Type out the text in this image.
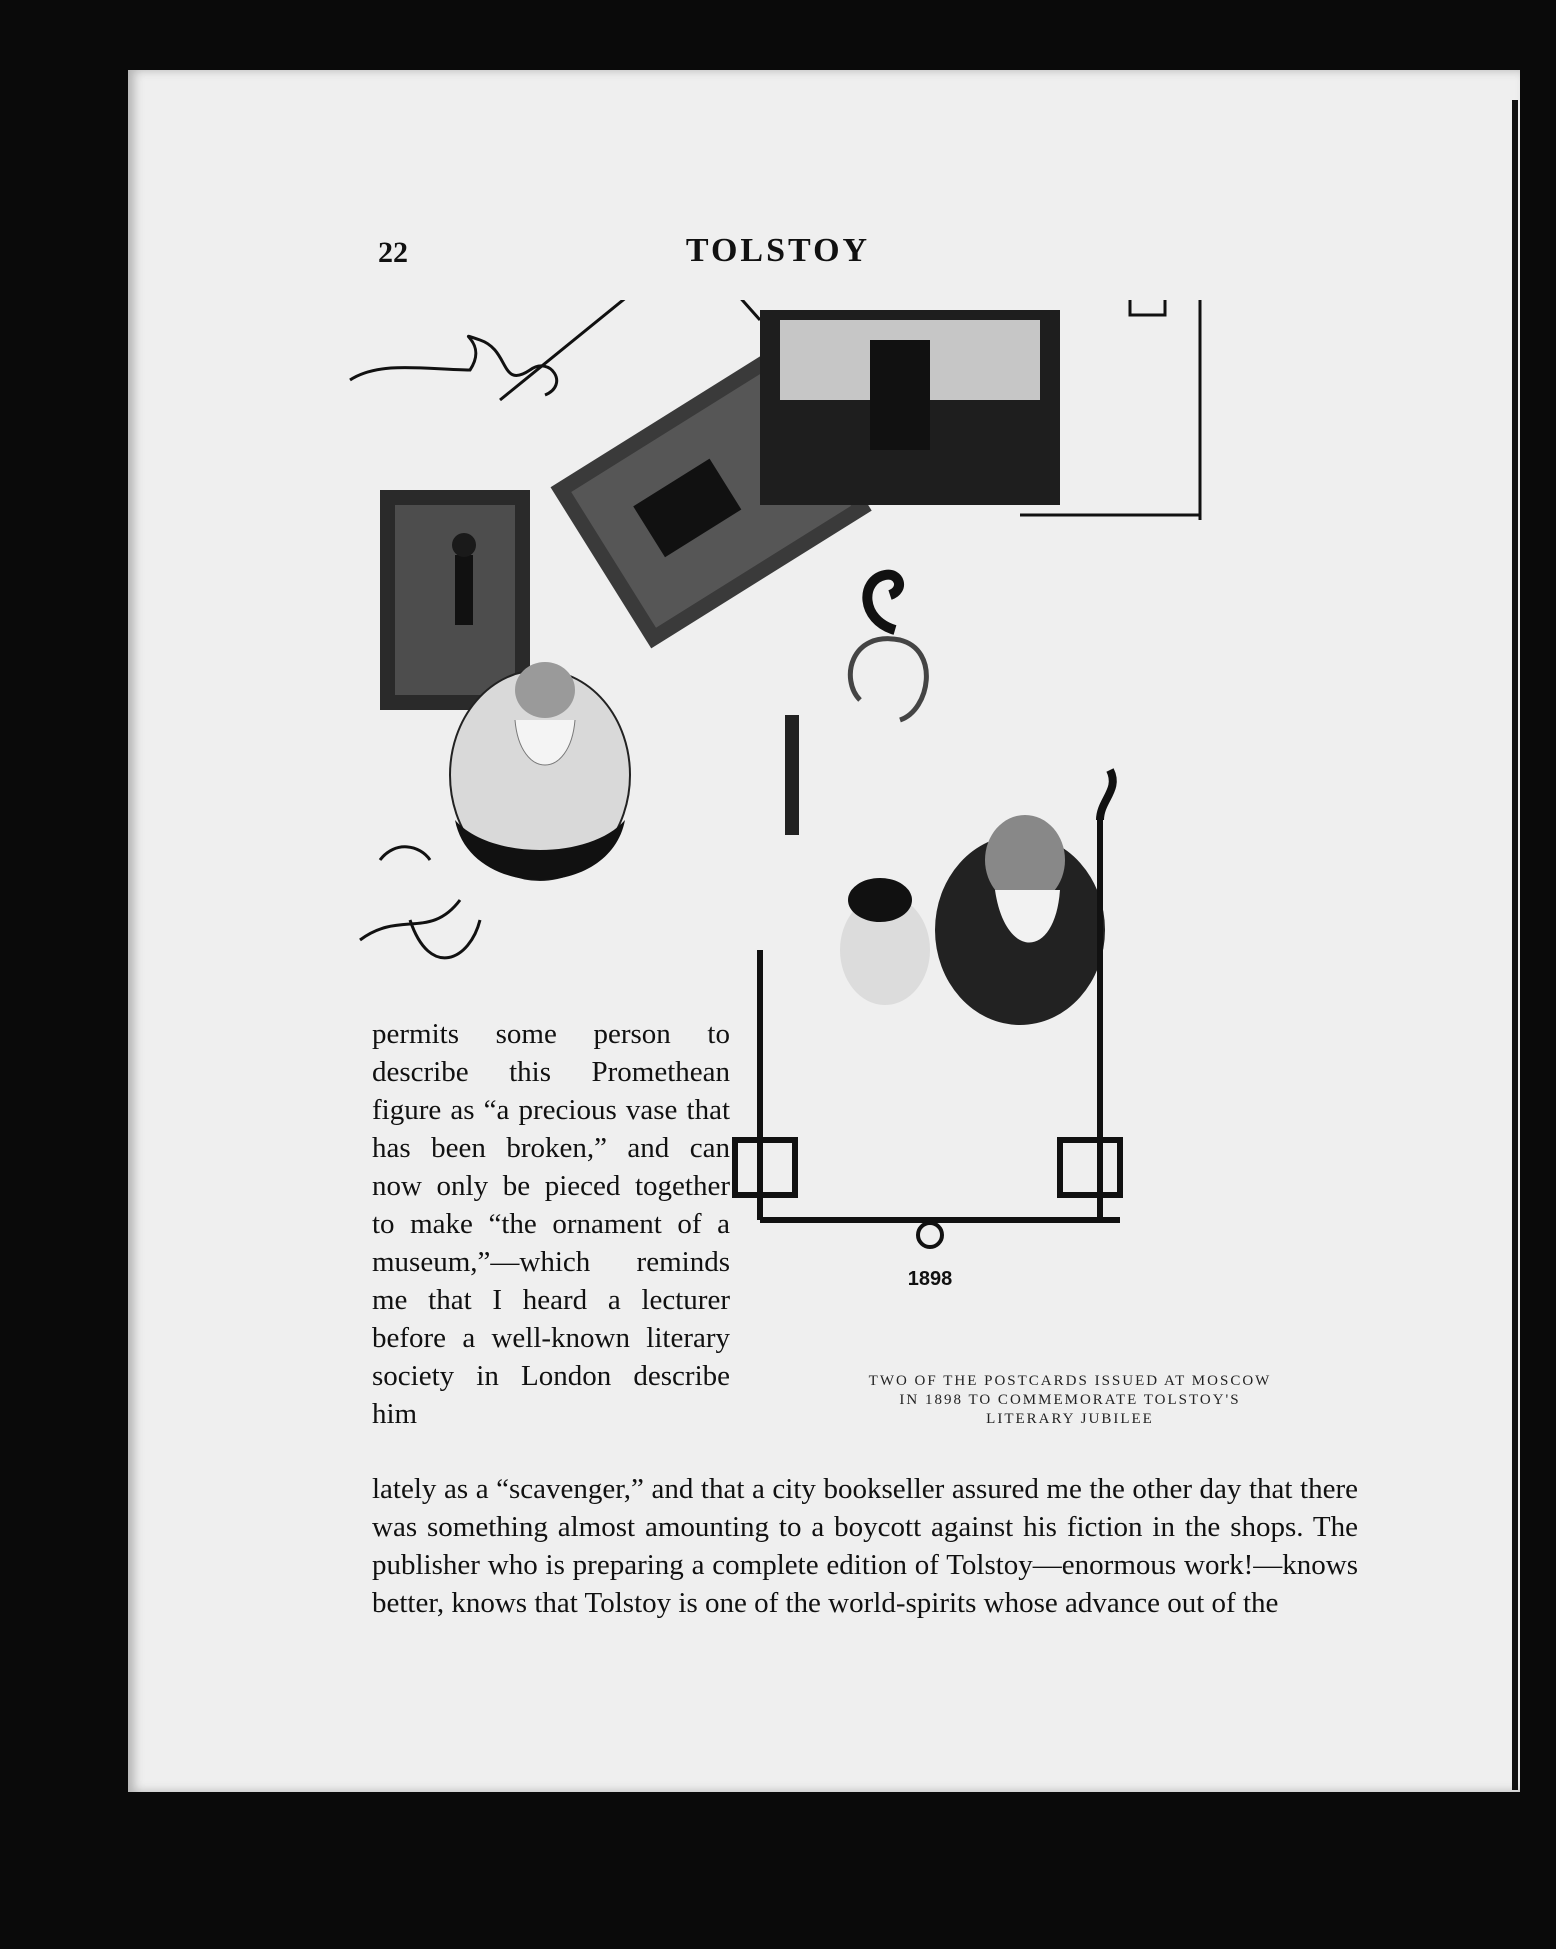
22	TOLSTOY
1898

permits some person to describe this Promethean figure as “a precious vase that has been broken,” and can now only be pieced together to make “the ornament of a museum,”—which reminds me that I heard a lecturer before a well-known literary society in London describe him

TWO OF THE POSTCARDS ISSUED AT MOSCOW
IN 1898 TO COMMEMORATE TOLSTOY'S
LITERARY JUBILEE

lately as a “scavenger,” and that a city bookseller assured me the other day that there was something almost amounting to a boycott against his fiction in the shops. The publisher who is preparing a complete edition of Tolstoy—enormous work!—knows better, knows that Tolstoy is one of the world-spirits whose advance out of the
